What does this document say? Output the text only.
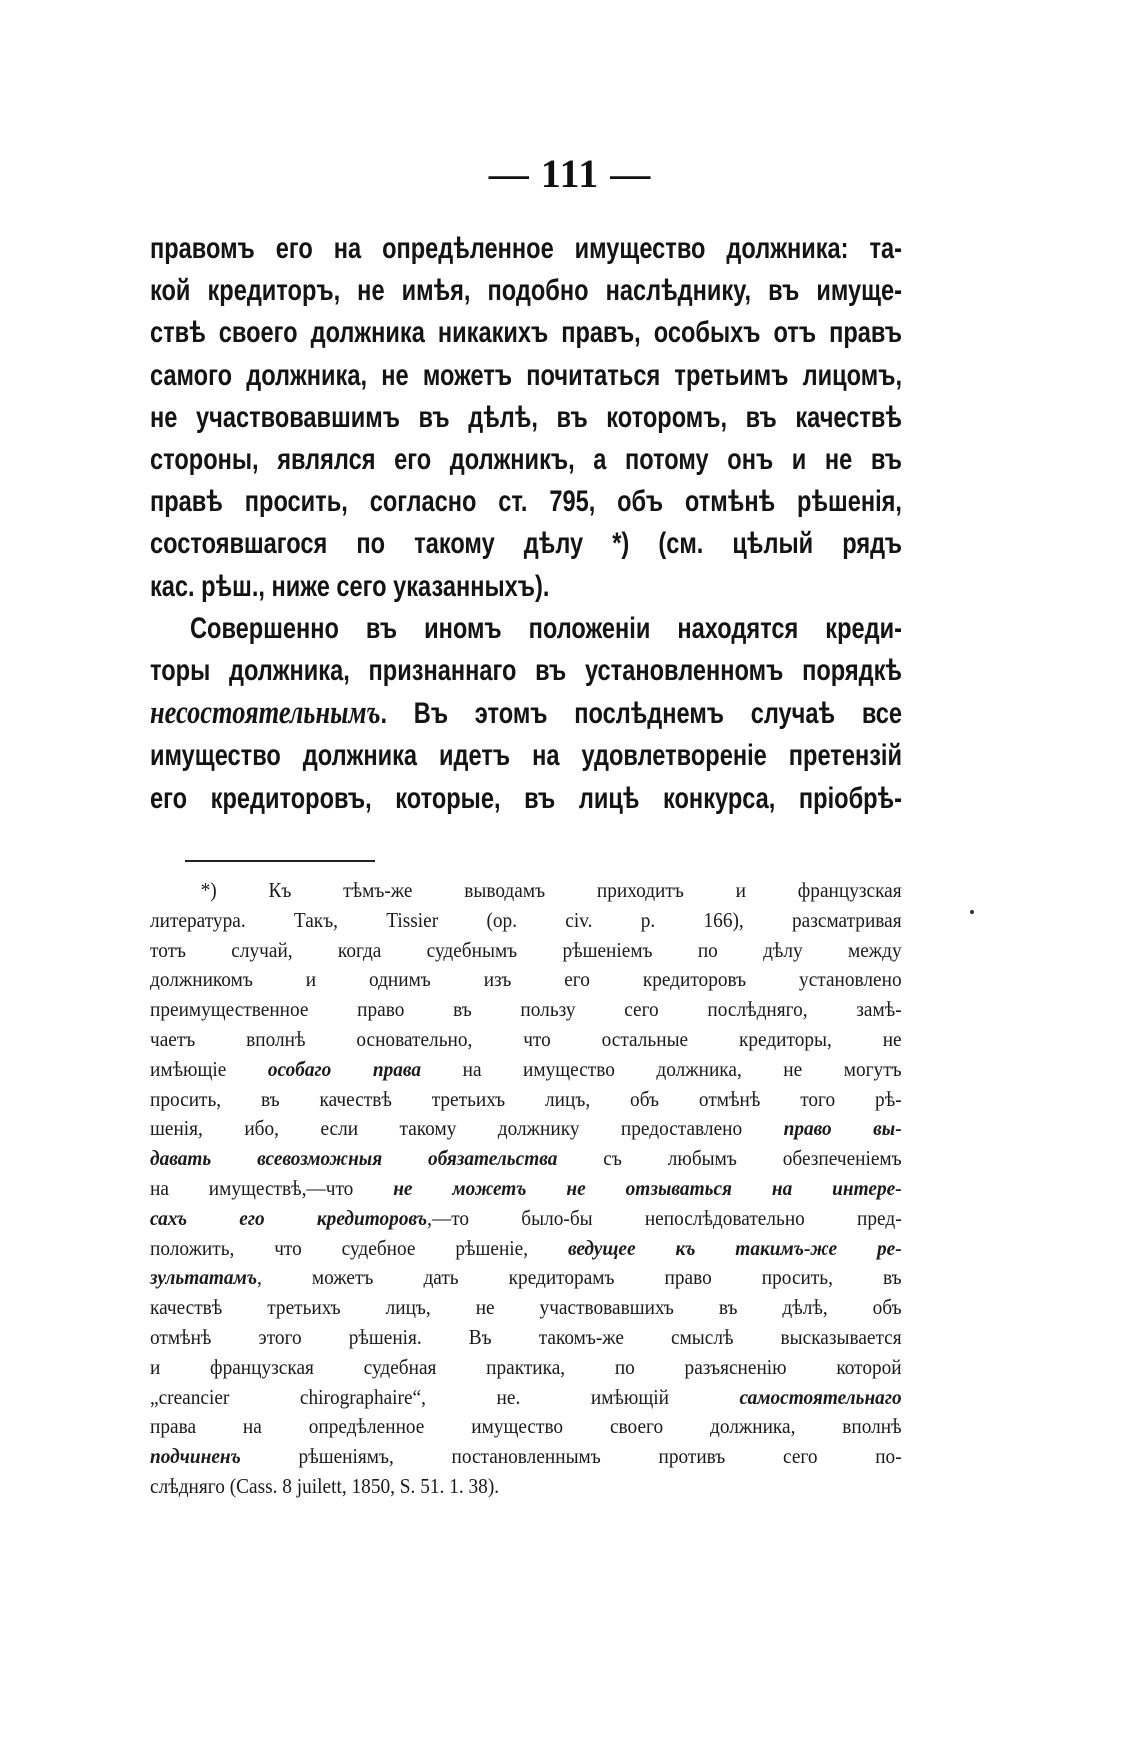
— 111 —
правомъ его на опредѣленное имущество должника: та-
кой кредиторъ, не имѣя, подобно наслѣднику, въ имуще-
ствѣ своего должника никакихъ правъ, особыхъ отъ правъ
самого должника, не можетъ почитаться третьимъ лицомъ,
не участвовавшимъ въ дѣлѣ, въ которомъ, въ качествѣ
стороны, являлся его должникъ, а потому онъ и не въ
правѣ просить, согласно ст. 795, объ отмѣнѣ рѣшенія,
состоявшагося по такому дѣлу *) (см. цѣлый рядъ
кас. рѣш., ниже сего указанныхъ).
Совершенно въ иномъ положеніи находятся креди-
торы должника, признаннаго въ установленномъ порядкѣ
несостоятельнымъ. Въ этомъ послѣднемъ случаѣ все
имущество должника идетъ на удовлетвореніе претензій
его кредиторовъ, которые, въ лицѣ конкурса, пріобрѣ-
*) Къ тѣмъ-же выводамъ приходитъ и французская
литература. Такъ, Tissier (op. civ. p. 166), разсматривая
тотъ случай, когда судебнымъ рѣшеніемъ по дѣлу между
должникомъ и однимъ изъ его кредиторовъ установлено
преимущественное право въ пользу сего послѣдняго, замѣ-
чаетъ вполнѣ основательно, что остальные кредиторы, не
имѣющіе особаго права на имущество должника, не могутъ
просить, въ качествѣ третьихъ лицъ, объ отмѣнѣ того рѣ-
шенія, ибо, если такому должнику предоставлено право вы-
давать всевозможныя обязательства съ любымъ обезпеченіемъ
на имуществѣ,—что не можетъ не отзываться на интере-
сахъ его кредиторовъ,—то было-бы непослѣдовательно пред-
положить, что судебное рѣшеніе, ведущее къ такимъ-же ре-
зультатамъ, можетъ дать кредиторамъ право просить, въ
качествѣ третьихъ лицъ, не участвовавшихъ въ дѣлѣ, объ
отмѣнѣ этого рѣшенія. Въ такомъ-же смыслѣ высказывается
и французская судебная практика, по разъясненію которой
„creancier chirographaire“, не. имѣющій самостоятельнаго
права на опредѣленное имущество своего должника, вполнѣ
подчиненъ рѣшеніямъ, постановленнымъ противъ сего по-
слѣдняго (Cass. 8 juilett, 1850, S. 51. 1. 38).
